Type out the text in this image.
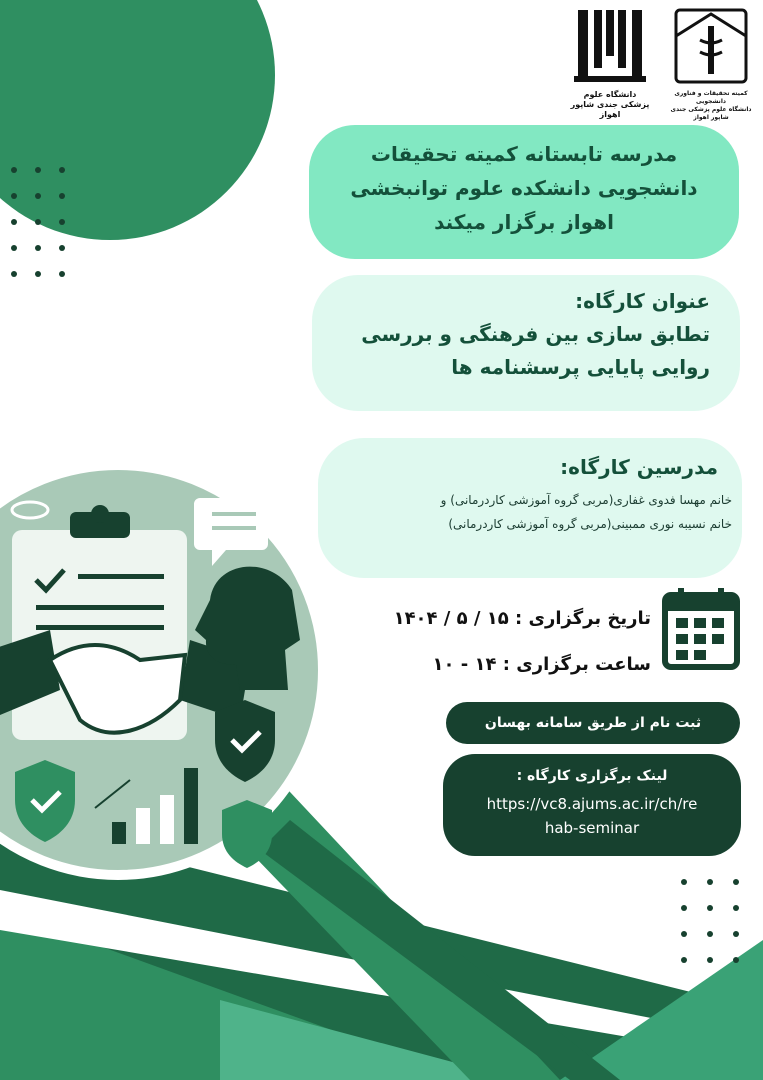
دانشگاه علوم پزشکی جندی شاپور اهواز
کمیته تحقیقات و فناوری دانشجویی
دانشگاه علوم پزشکی جندی شاپور اهواز
مدرسه تابستانه کمیته تحقیقات
دانشجویی دانشکده علوم توانبخشی
اهواز برگزار میکند
عنوان کارگاه:
تطابق سازی بین فرهنگی و بررسی
روایی پایایی پرسشنامه ها
مدرسین کارگاه:
خانم مهسا فدوی غفاری(مربی گروه آموزشی کاردرمانی) و
خانم نسیبه نوری ممبینی(مربی گروه آموزشی کاردرمانی)
تاریخ برگزاری : ۱۵ / ۵ / ۱۴۰۴
ساعت برگزاری : ۱۴ - ۱۰
ثبت نام از طریق سامانه بهسان
لینک برگزاری کارگاه :
https://vc8.ajums.ac.ir/ch/re
hab-seminar
